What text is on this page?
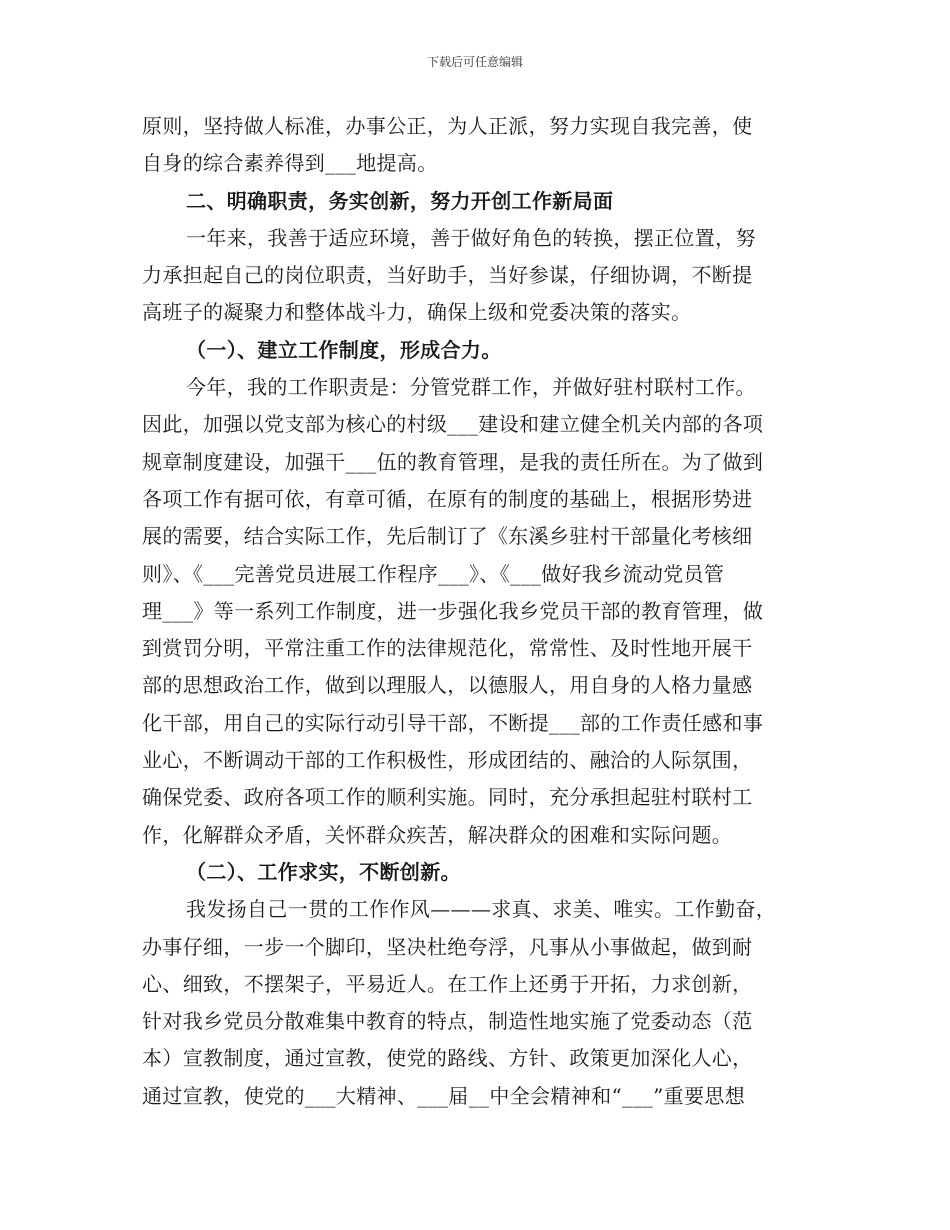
下载后可任意编辑
原则，坚持做人标准，办事公正，为人正派，努力实现自我完善，使
自身的综合素养得到___地提高。
二、明确职责，务实创新，努力开创工作新局面
一年来，我善于适应环境，善于做好角色的转换，摆正位置，努
力承担起自己的岗位职责，当好助手，当好参谋，仔细协调，不断提
高班子的凝聚力和整体战斗力，确保上级和党委决策的落实。
（一）、建立工作制度，形成合力。
今年，我的工作职责是：分管党群工作，并做好驻村联村工作。
因此，加强以党支部为核心的村级___建设和建立健全机关内部的各项
规章制度建设，加强干___伍的教育管理，是我的责任所在。为了做到
各项工作有据可依，有章可循，在原有的制度的基础上，根据形势进
展的需要，结合实际工作，先后制订了《东溪乡驻村干部量化考核细
则》、《___完善党员进展工作程序___》、《___做好我乡流动党员管
理___》等一系列工作制度，进一步强化我乡党员干部的教育管理，做
到赏罚分明，平常注重工作的法律规范化，常常性、及时性地开展干
部的思想政治工作，做到以理服人，以德服人，用自身的人格力量感
化干部，用自己的实际行动引导干部，不断提___部的工作责任感和事
业心，不断调动干部的工作积极性，形成团结的、融洽的人际氛围，
确保党委、政府各项工作的顺利实施。同时，充分承担起驻村联村工
作，化解群众矛盾，关怀群众疾苦，解决群众的困难和实际问题。
（二）、工作求实，不断创新。
我发扬自己一贯的工作作风———求真、求美、唯实。工作勤奋，
办事仔细，一步一个脚印，坚决杜绝夸浮，凡事从小事做起，做到耐
心、细致，不摆架子，平易近人。在工作上还勇于开拓，力求创新，
针对我乡党员分散难集中教育的特点，制造性地实施了党委动态（范
本）宣教制度，通过宣教，使党的路线、方针、政策更加深化人心，
通过宣教，使党的___大精神、___届__中全会精神和“___”重要思想
